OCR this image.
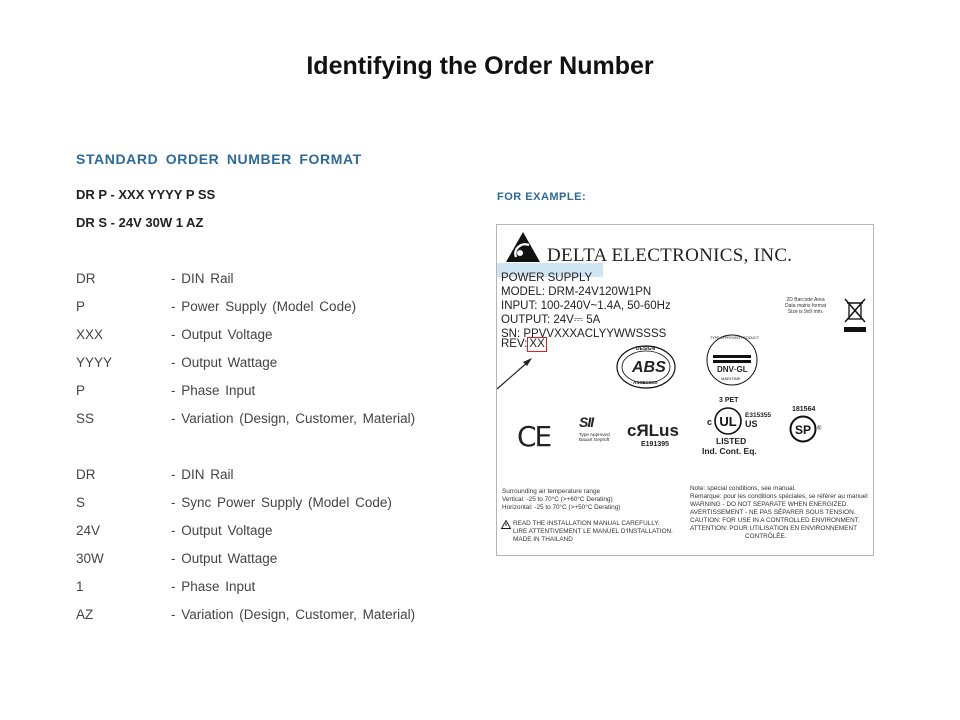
Identifying the Order Number
STANDARD ORDER NUMBER FORMAT
DR P - XXX YYYY P SS
DR S - 24V 30W 1 AZ
DR	- DIN Rail
P	- Power Supply (Model Code)
XXX	- Output Voltage
YYYY	- Output Wattage
P	- Phase Input
SS	- Variation (Design, Customer, Material)
DR	- DIN Rail
S	- Sync Power Supply (Model Code)
24V	- Output Voltage
30W	- Output Wattage
1	- Phase Input
AZ	- Variation (Design, Customer, Material)
FOR EXAMPLE:
DELTA ELECTRONICS, INC.
POWER SUPPLY
MODEL: DRM-24V120W1PN
INPUT: 100-240V~1.4A, 50-60Hz
OUTPUT: 24V⎓ 5A
SN: PPVVXXXACLYYWWSSSS
REV: XX
2D Barcode Area
Data matrix format
Size is 9x9 mm.
DESIGN
ABS
ASSESSED
TYPE APPROVED PRODUCT
DNV·GL
MARITIME
CE SII
Type Approved
Bauart Geprüft cЯLus
E191395
3 PET
UL
c
E315355
US
LISTED
Ind. Cont. Eq.
181564
SP ®
Surrounding air temperature range
Vertical: -25 to 70°C (>+60°C Derating)
Horizontal: -25 to 70°C (>+50°C Derating)
Note: special conditions, see manual.
Remarque: pour les conditions spéciales, se référer au manuel
WARNING - DO NOT SEPARATE WHEN ENERGIZED.
AVERTISSEMENT - NE PAS SÉPARER SOUS TENSION.
CAUTION: FOR USE IN A CONTROLLED ENVIRONMENT.
ATTENTION: POUR UTILISATION EN ENVIRONNEMENT
CONTRÔLÉE.
READ THE INSTALLATION MANUAL CAREFULLY.
LIRE ATTENTIVEMENT LE MANUEL D'INSTALLATION.
MADE IN THAILAND
